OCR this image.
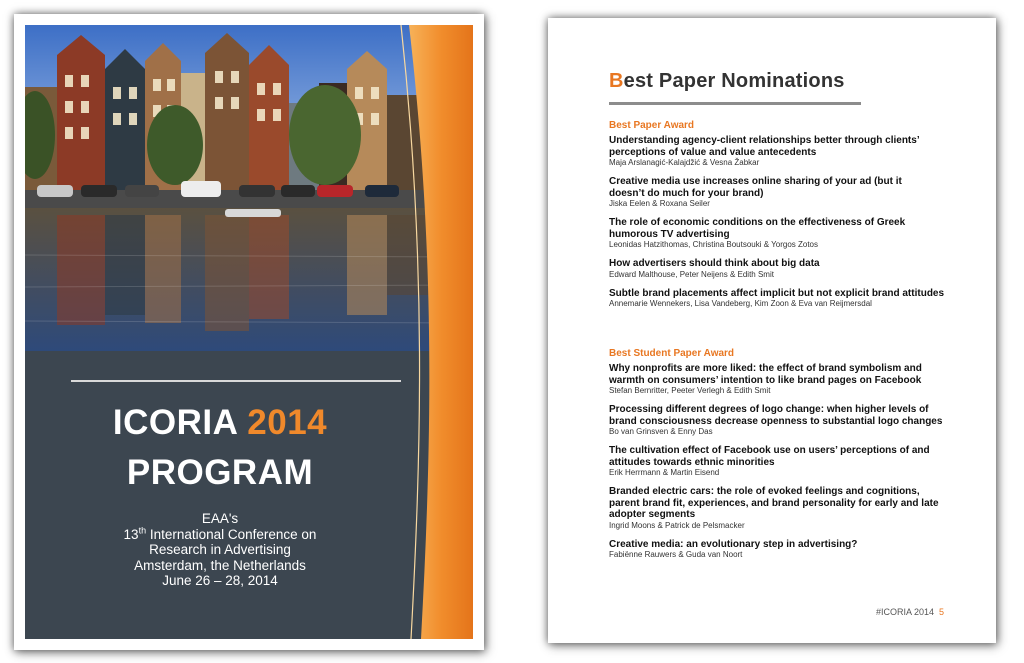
ICORIA 2014
PROGRAM
EAA's
13th International Conference on
Research in Advertising
Amsterdam, the Netherlands
June 26 – 28, 2014
Best Paper Nominations
Best Paper Award
Understanding agency-client relationships better through clients’ perceptions of value and value antecedents
Maja Arslanagić-Kalajdžić & Vesna Žabkar
Creative media use increases online sharing of your ad (but it doesn’t do much for your brand)
Jiska Eelen & Roxana Seiler
The role of economic conditions on the effectiveness of Greek humorous TV advertising
Leonidas Hatzithomas, Christina Boutsouki & Yorgos Zotos
How advertisers should think about big data
Edward Malthouse, Peter Neijens & Edith Smit
Subtle brand placements affect implicit but not explicit brand attitudes
Annemarie Wennekers, Lisa Vandeberg, Kim Zoon & Eva van Reijmersdal
Best Student Paper Award
Why nonprofits are more liked: the effect of brand symbolism and warmth on consumers’ intention to like brand pages on Facebook
Stefan Bernritter, Peeter Verlegh & Edith Smit
Processing different degrees of logo change: when higher levels of brand consciousness decrease openness to substantial logo changes
Bo van Grinsven & Enny Das
The cultivation effect of Facebook use on users’ perceptions of and attitudes towards ethnic minorities
Erik Herrmann & Martin Eisend
Branded electric cars: the role of evoked feelings and cognitions, parent brand fit, experiences, and brand personality for early and late adopter segments
Ingrid Moons & Patrick de Pelsmacker
Creative media: an evolutionary step in advertising?
Fabiënne Rauwers & Guda van Noort
#ICORIA 2014 5
